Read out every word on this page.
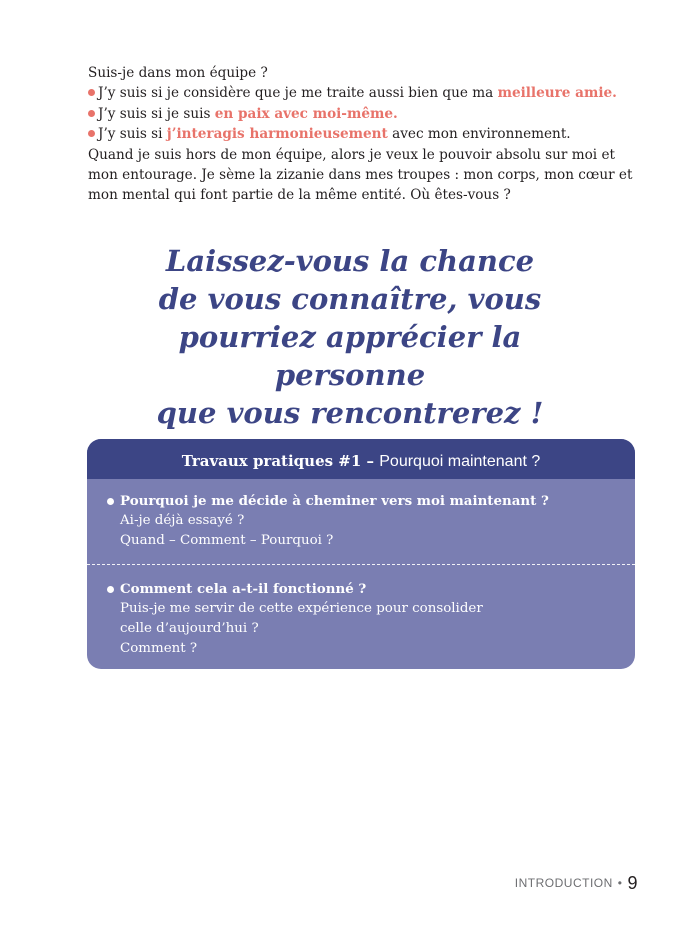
Suis-je dans mon équipe ?

J’y suis si je considère que je me traite aussi bien que ma meilleure amie.

J’y suis si je suis en paix avec moi-même.

J’y suis si j’interagis harmonieusement avec mon environnement.

Quand je suis hors de mon équipe, alors je veux le pouvoir absolu sur moi et mon entourage. Je sème la zizanie dans mes troupes : mon corps, mon cœur et mon mental qui font partie de la même entité. Où êtes-vous ?

Laissez-vous la chance
de vous connaître, vous
pourriez apprécier la personne
que vous rencontrerez !
Travaux pratiques #1 – Pourquoi maintenant ?
Pourquoi je me décide à cheminer vers moi maintenant ?
Ai-je déjà essayé ?
Quand – Comment – Pourquoi ?
Comment cela a-t-il fonctionné ?
Puis-je me servir de cette expérience pour consolider
celle d’aujourd’hui ?
Comment ?
INTRODUCTION • 9
